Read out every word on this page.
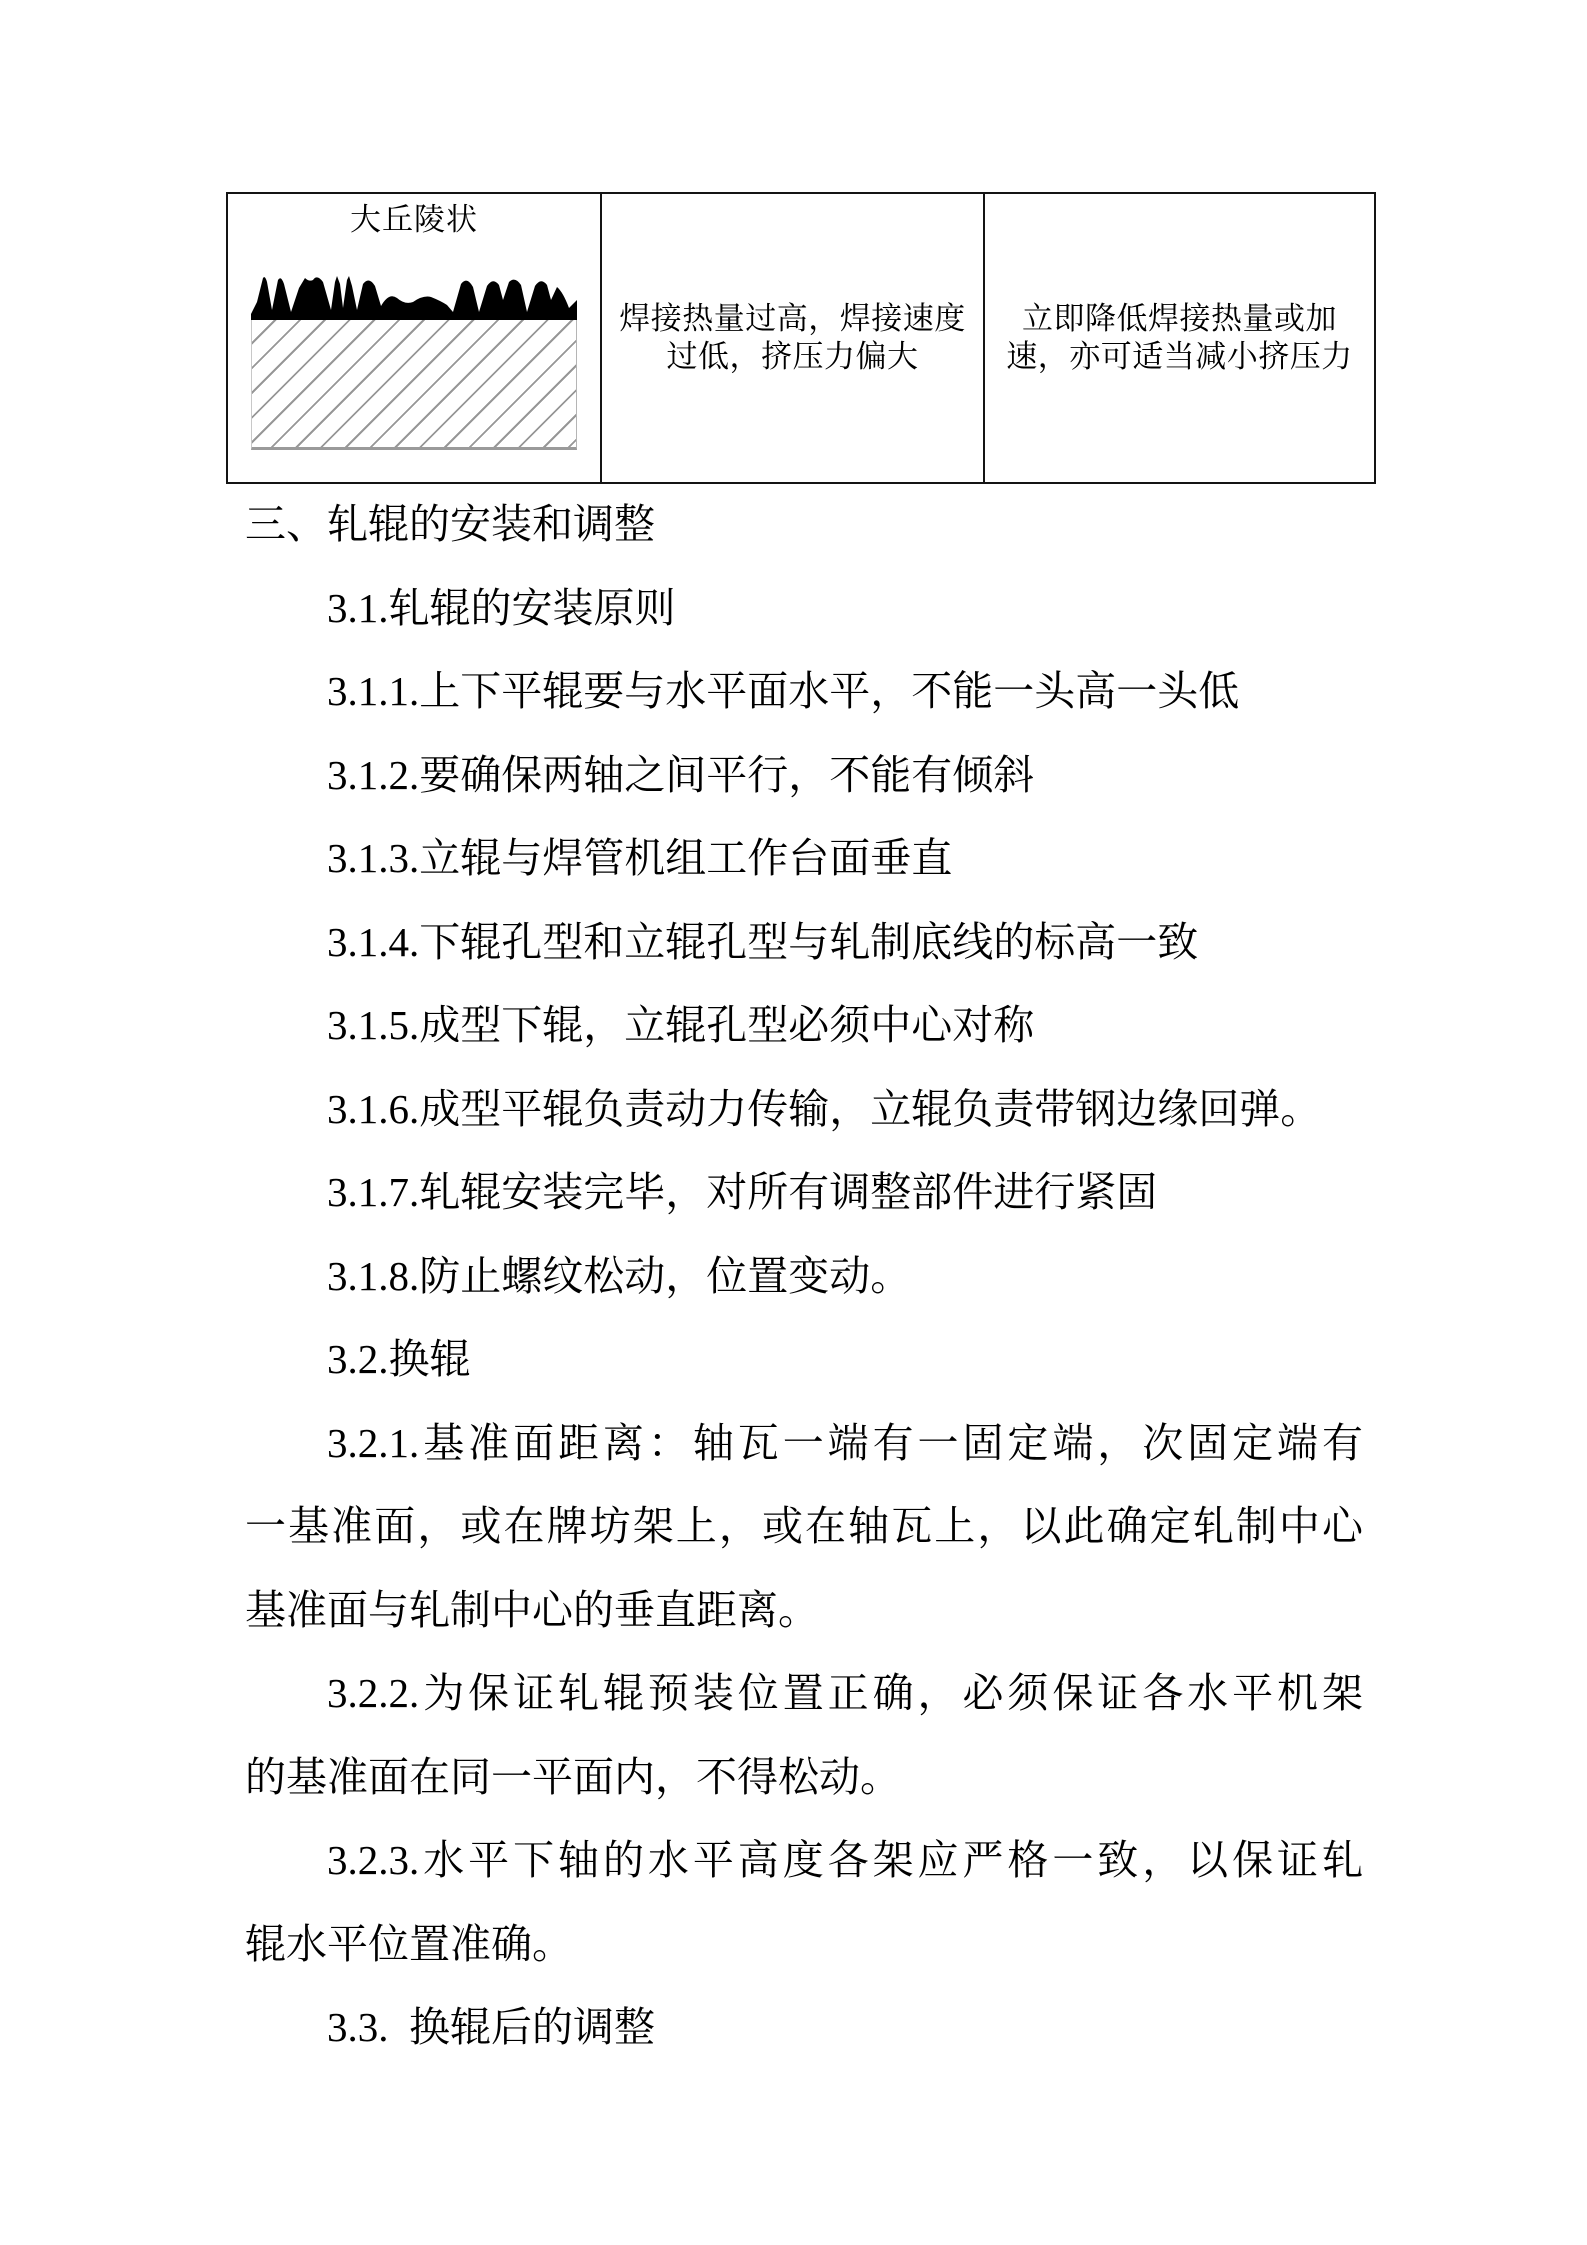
大丘陵状
焊接热量过高，焊接速度
过低，挤压力偏大
立即降低焊接热量或加
速，亦可适当减小挤压力
三、轧辊的安装和调整
3.1.轧辊的安装原则
3.1.1.上下平辊要与水平面水平，不能一头高一头低
3.1.2.要确保两轴之间平行，不能有倾斜
3.1.3.立辊与焊管机组工作台面垂直
3.1.4.下辊孔型和立辊孔型与轧制底线的标高一致
3.1.5.成型下辊，立辊孔型必须中心对称
3.1.6.成型平辊负责动力传输，立辊负责带钢边缘回弹。
3.1.7.轧辊安装完毕，对所有调整部件进行紧固
3.1.8.防止螺纹松动，位置变动。
3.2.换辊
3.2.1.基准面距离：轴瓦一端有一固定端，次固定端有
一基准面，或在牌坊架上，或在轴瓦上，以此确定轧制中心
基准面与轧制中心的垂直距离。
3.2.2.为保证轧辊预装位置正确，必须保证各水平机架
的基准面在同一平面内，不得松动。
3.2.3.水平下轴的水平高度各架应严格一致，以保证轧
辊水平位置准确。
3.3.  换辊后的调整
